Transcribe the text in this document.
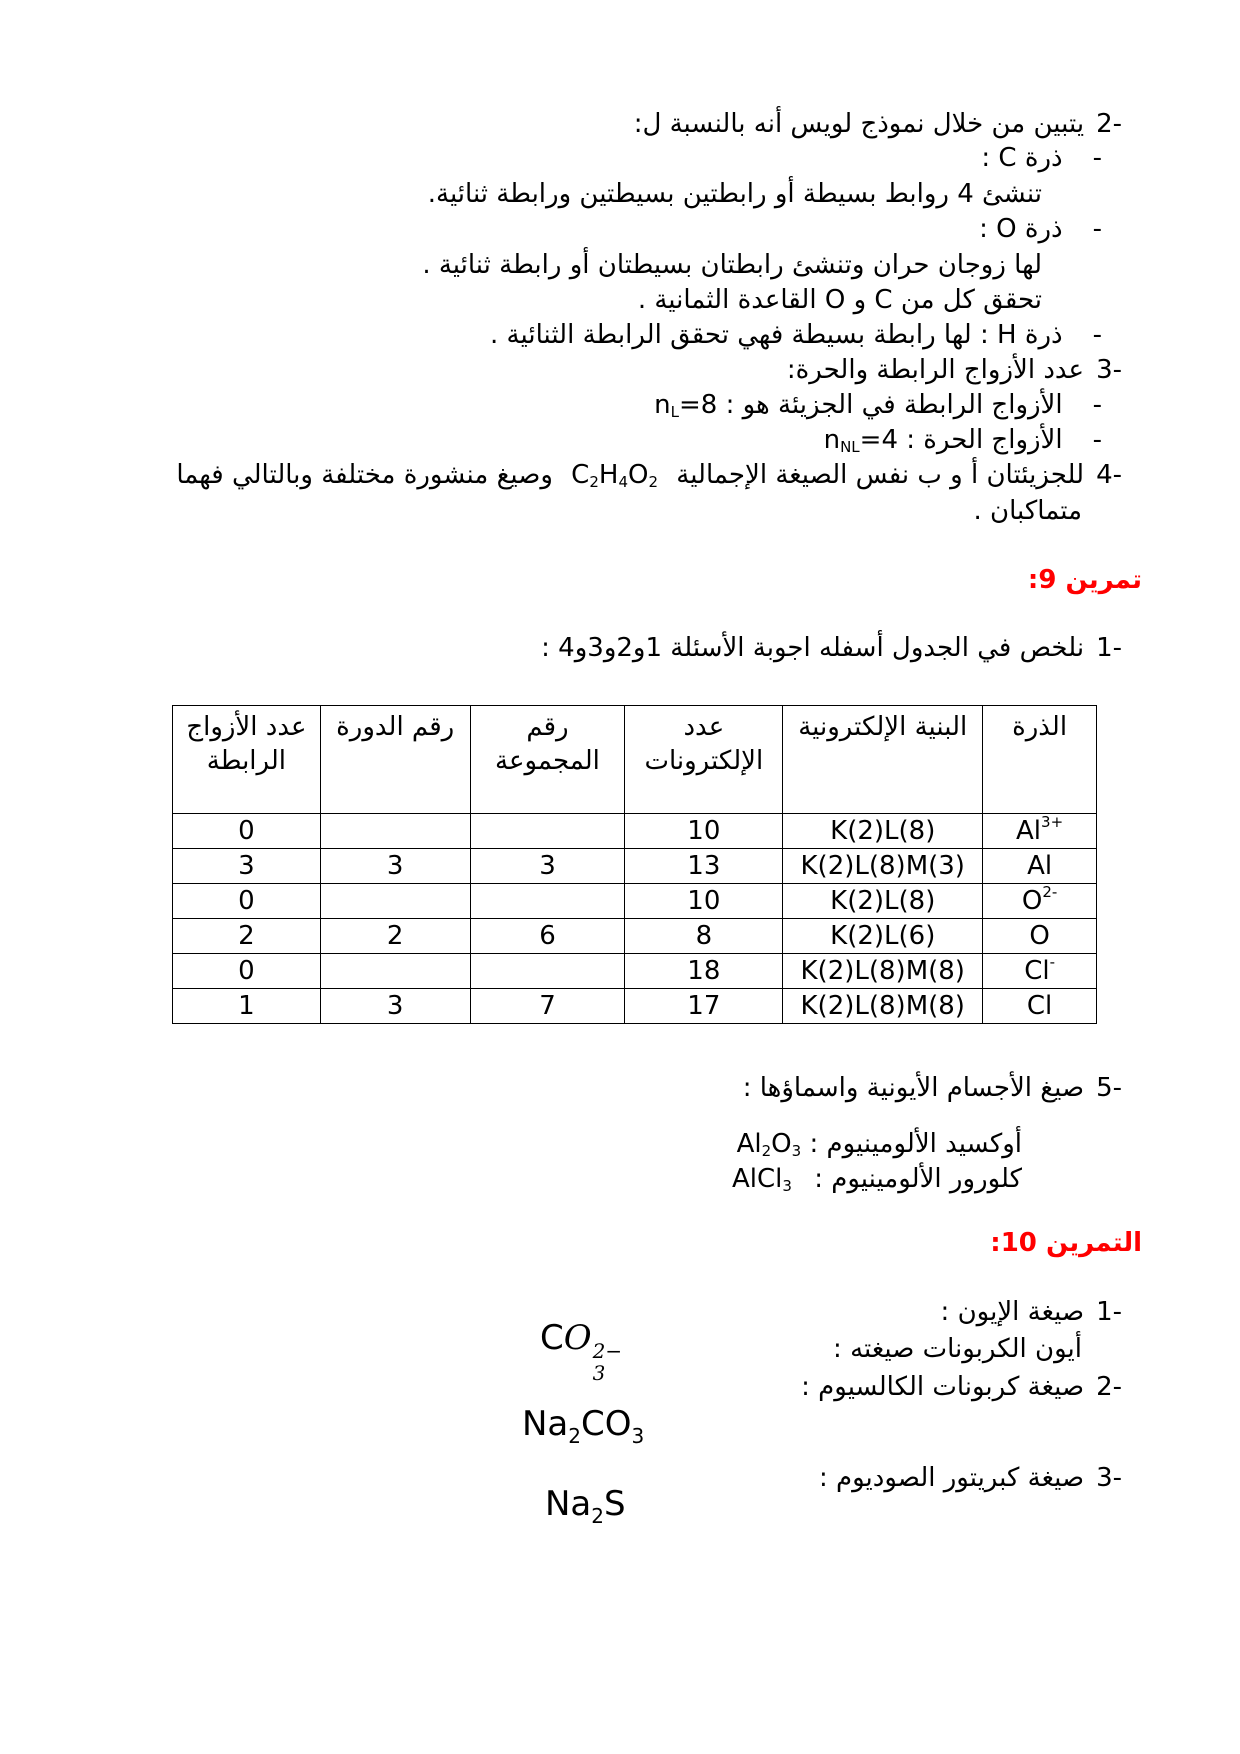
-2يتبين من خلال نموذج لويس أنه بالنسبة ل:
-ذرة C :
تنشئ 4 روابط بسيطة أو رابطتين بسيطتين ورابطة ثنائية.
-ذرة O :
لها زوجان حران وتنشئ رابطتان بسيطتان أو رابطة ثنائية .
تحقق كل من C و O القاعدة الثمانية .
-ذرة H : لها رابطة بسيطة فهي تحقق الرابطة الثنائية .
-3عدد الأزواج الرابطة والحرة:
-الأزواج الرابطة في الجزيئة هو : $n_L=8$
-الأزواج الحرة : $n_{NL}=4$
-4للجزيئتان أ و ب نفس الصيغة الإجمالية $C_2H_4O_2$ وصيغ منشورة مختلفة وبالتالي فهما
متماكبان .
تمرين 9:
-1نلخص في الجدول أسفله اجوبة الأسئلة 1و2و3و4 :
الذرة	البنية الإلكترونية	عدد الإلكترونات	رقم المجموعة	رقم الدورة	عدد الأزواج الرابطة
$Al^{3+}$	K(2)L(8)	10			0
Al	K(2)L(8)M(3)	13	3	3	3
$O^{2-}$	K(2)L(8)	10			0
O	K(2)L(6)	8	6	2	2
Cl-	K(2)L(8)M(8)	18			0
Cl	K(2)L(8)M(8)	17	7	3	1
-5صيغ الأجسام الأيونية واسماؤها :
أوكسيد الألومينيوم : $Al_2O_3$
كلورور الألومينيوم : AlCl$_3$
التمرين 10:
-1صيغة الإيون :
أيون الكربونات صيغته :
-2صيغة كربونات الكالسيوم :
-3صيغة كبريتور الصوديوم :
CO 2−
3
$Na_2CO_3$
$Na_2S$
